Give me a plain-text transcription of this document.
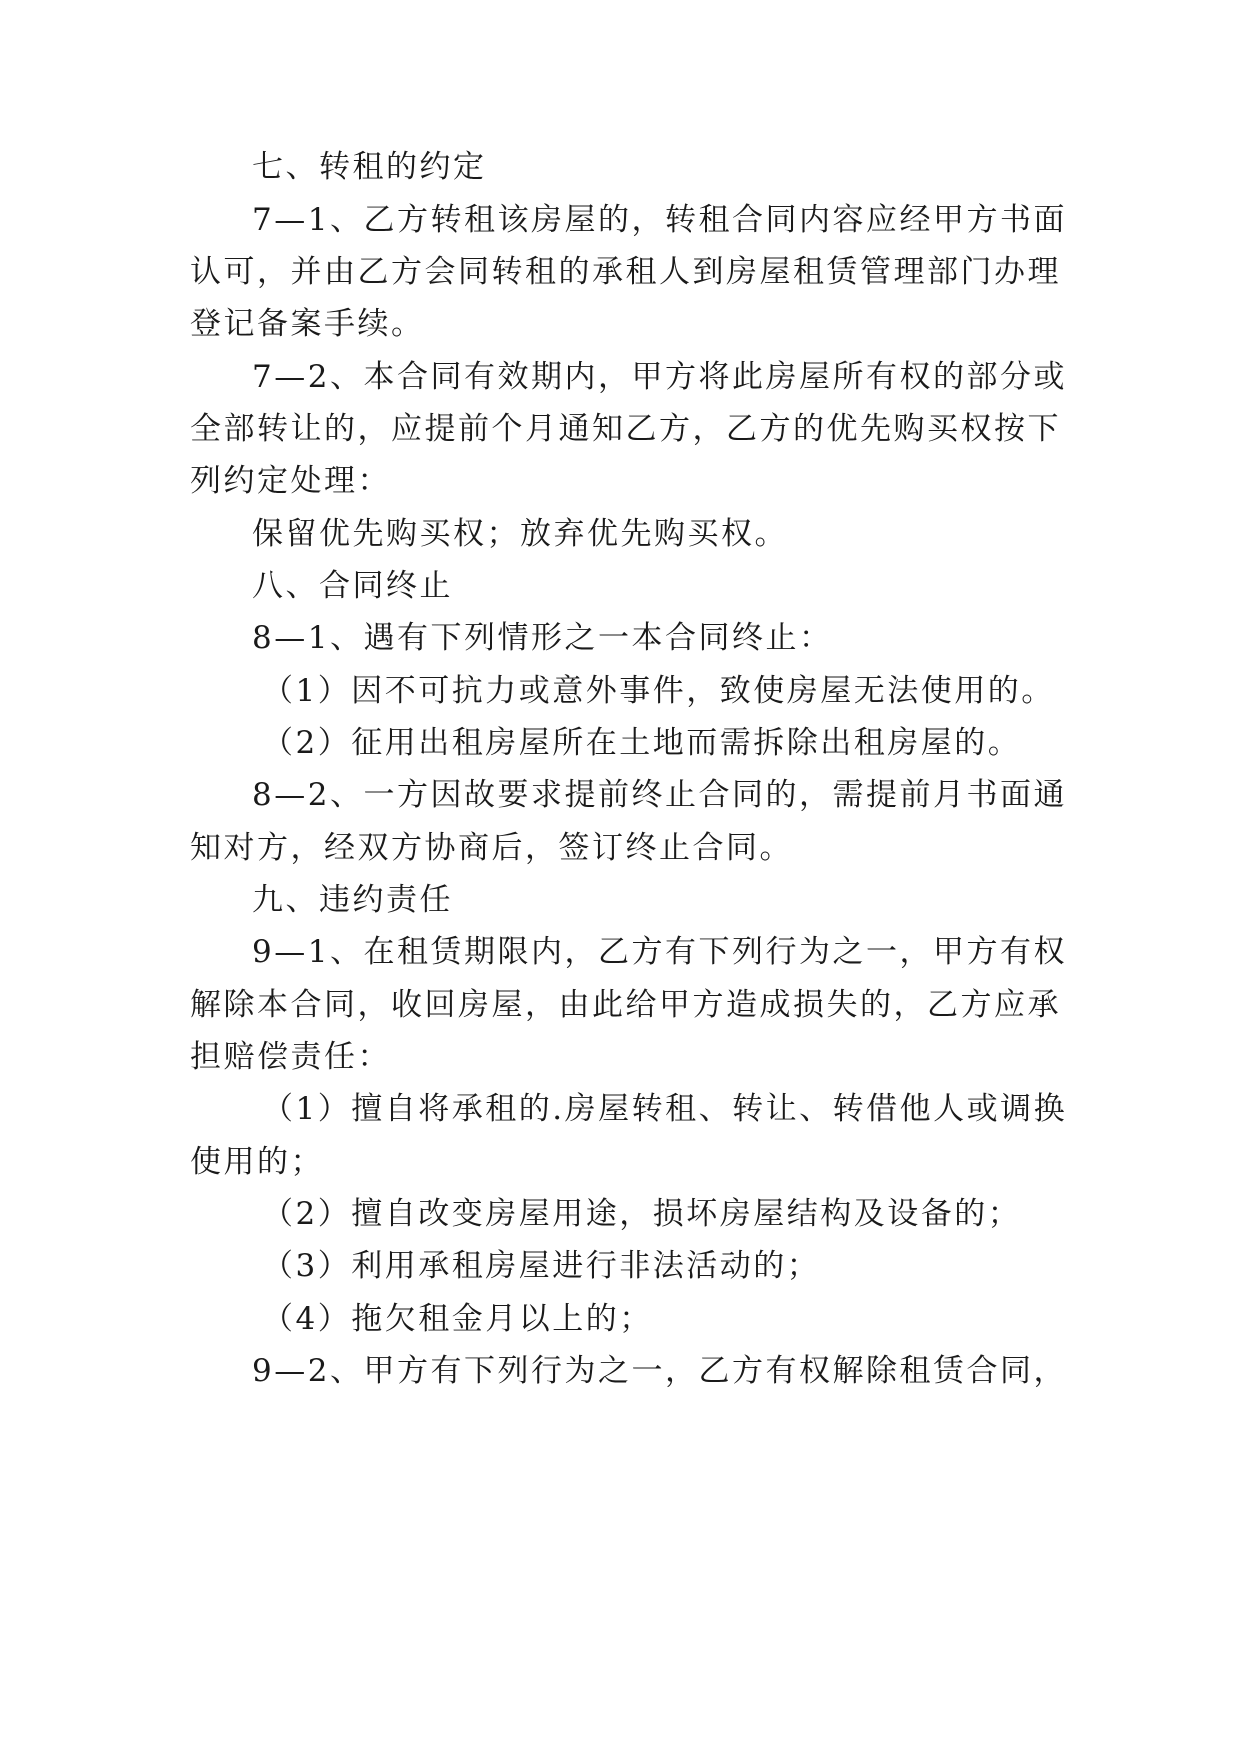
七、转租的约定
7—1、乙方转租该房屋的，转租合同内容应经甲方书面
认可，并由乙方会同转租的承租人到房屋租赁管理部门办理
登记备案手续。
7—2、本合同有效期内，甲方将此房屋所有权的部分或
全部转让的，应提前个月通知乙方，乙方的优先购买权按下
列约定处理：
保留优先购买权；放弃优先购买权。
八、合同终止
8—1、遇有下列情形之一本合同终止：
（1）因不可抗力或意外事件，致使房屋无法使用的。
（2）征用出租房屋所在土地而需拆除出租房屋的。
8—2、一方因故要求提前终止合同的，需提前月书面通
知对方，经双方协商后，签订终止合同。
九、违约责任
9—1、在租赁期限内，乙方有下列行为之一，甲方有权
解除本合同，收回房屋，由此给甲方造成损失的，乙方应承
担赔偿责任：
（1）擅自将承租的.房屋转租、转让、转借他人或调换
使用的；
（2）擅自改变房屋用途，损坏房屋结构及设备的；
（3）利用承租房屋进行非法活动的；
（4）拖欠租金月以上的；
9—2、甲方有下列行为之一，乙方有权解除租赁合同，
